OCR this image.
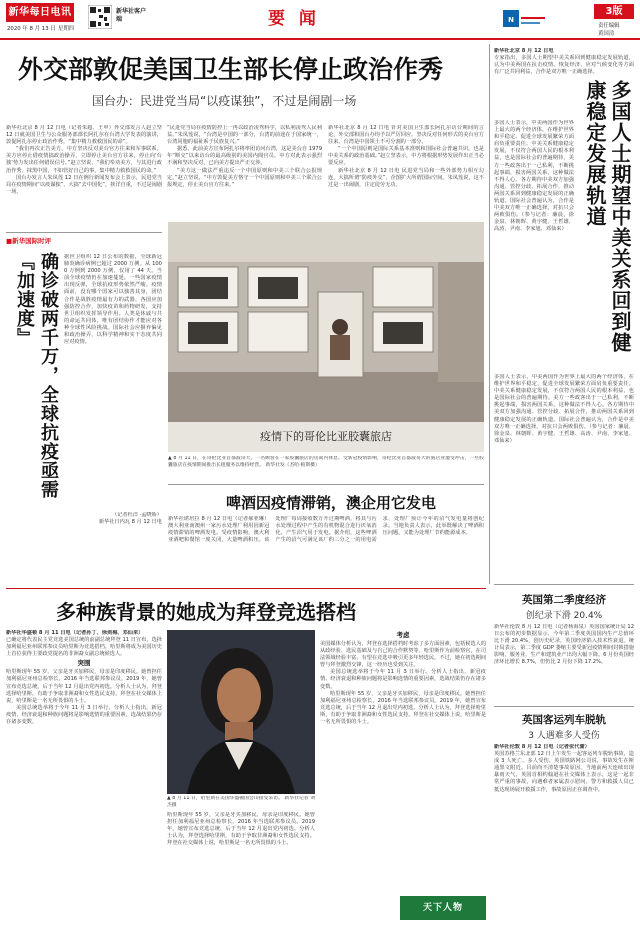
新华每日电讯
2020 年 8 月 13 日 星期四
新华社客户端	要 闻	N
3版
责任编辑
黄国清
外交部敦促美国卫生部长停止政治作秀
国台办：民进党当局“以疫谋独”，不过是闹剧一场

新华社北京 8 月 12 日电（记者朱超、王申）外交部发言人赵立坚 12 日就美国卫生与公众服务部部长阿扎尔在台湾大学发表的演讲，敦促阿扎尔停止政治作秀，“集中精力救救国民的命”。

“我们再次正告美方，中方坚决反对美台官方往来和军事联系。美方应停止借疫情搞政治操弄，立即停止美台官方往来，停止向‘台独’势力发出任何错误信号。”赵立坚说，“我们奉劝美方，与其进行政治作秀、抹黑中国，不如管好自己的事，集中精力救救国民的命。”

国台办发言人朱凤莲 12 日在例行新闻发布会上表示，民进党当局在疫情期间“以疫谋独”，大搞“去中国化”，挟洋自重，不过是闹剧一场。

“民进党当局在疫情防控上一再以政治凌驾科学，以私利凌驾人民利益。”朱凤莲说，“台湾是中国的一部分，台湾的前途在于国家统一，台湾同胞的福祉系于民族复兴。”

据悉，此前美方宣布阿扎尔将率团访问台湾，这是美台自 1979 年“断交”以来访台的最高级别的美国内阁官员。中方对此表示强烈不满和坚决反对，已向美方提出严正交涉。

“美方这一做法严重违反一个中国原则和中美三个联合公报规定。”赵立坚说，“中方敦促美方恪守一个中国原则和中美三个联合公报规定，停止美台官方往来。”

新华社北京 8 月 12 日电 针对美国卫生部长阿扎尔访台期间的言论，外交部和国台办均予以严厉回应。坚决反对任何形式的美台官方往来。台湾是中国领土不可分割的一部分。

“一个中国原则是国际关系基本准则和国际社会普遍共识，也是中美关系的政治基础。”赵立坚表示，中方将根据形势发展作出正当必要反应。

新华社北京 8 月 12 日电 民进党当局和一些外部势力相互勾连，大搞所谓“防疫外交”，企图扩大所谓国际空间。朱凤莲说，这不过是一出闹剧，注定徒劳无功。

■新华国际时评
确诊破两千万，全球抗疫亟需『加速度』	据世卫组织 12 日公布的数据，全球新冠肺炎确诊病例已超过 2000 万例。从 1000 万例到 2000 万例，仅用了 44 天。当前全球疫情仍在加速蔓延，一些国家疫情出现反弹，全球抗疫形势依然严峻。疫情面前，没有哪个国家可以独善其身，团结合作是战胜疫情最有力的武器。各国应加强防控合作，加快疫苗和药物研发，支持世卫组织发挥领导作用。人类是休戚与共的命运共同体，唯有团结协作才能应对各种全球性风险挑战。国际社会应摒弃偏见和政治操弄，以科学精神和实干态度共同应对疫情。

（记者杜洋 ·孟晓娇）

新华社日内瓦 8 月 12 日电

疫情下的哥伦比亚胶囊旅店
▲ 8 月 11 日，在哥伦比亚首都波哥大，一名顾客在一家胶囊旅店的房间内休息。受新冠疫情影响，哥伦比亚首都波哥大的旅店业遭受冲击，一些胶囊旅店在疫情期间推出长租服务以维持经营。 新华社发（杰哈·帕斯摄）
啤酒因疫情滞销，澳企用它发电

新华社堪培拉 8 月 12 日电（记者郝亚琳）澳大利亚南澳州一家污水处理厂利用因新冠疫情滞销的啤酒发电。受疫情影响，澳大利亚酒吧和餐馆一度关闭，大量啤酒积压。该处理厂每周接收数万升过期啤酒，将其与污水处理过程中产生的有机物混合进行厌氧消化，产生沼气用于发电。据介绍，这些啤酒产生的沼气可满足该厂约三分之一的用电需求，处理厂预计今年的沼气发电量将创纪录。当地负责人表示，此举既解决了啤酒积压问题，又能为处理厂节约能源成本。

新华社北京 8 月 12 日电

专家指出，多国人士期望中美关系回到健康稳定发展轨道，认为中美两国在抗击疫情、恢复经济、应对气候变化等方面有广泛共同利益，合作是双方唯一正确选择。

多国人士期望中美关系回到健康稳定发展轨道

多国人士表示，中美两国作为世界上最大的两个经济体，在维护世界和平稳定、促进全球发展繁荣方面肩负重要责任。中美关系健康稳定发展，不仅符合两国人民的根本利益，也是国际社会的普遍期待。美方一些政客出于一己私利，不断挑起事端，损害两国关系，这种做法不得人心。各方期待中美双方加强沟通、管控分歧、拓展合作，推动两国关系回到健康稳定发展的正确轨道。国际社会普遍认为，合作是中美双方唯一正确选择，对抗只会两败俱伤。（参与记者：廉晨、徐金泉、林朝晖、黄宇健、王哲雄、高涛、尹南、李家旭、邓仙来）

多国人士表示，中美两国作为世界上最大的两个经济体，在维护世界和平稳定、促进全球发展繁荣方面肩负重要责任。中美关系健康稳定发展，不仅符合两国人民的根本利益，也是国际社会的普遍期待。美方一些政客出于一己私利，不断挑起事端，损害两国关系，这种做法不得人心。各方期待中美双方加强沟通、管控分歧、拓展合作，推动两国关系回到健康稳定发展的正确轨道。国际社会普遍认为，合作是中美双方唯一正确选择，对抗只会两败俱伤。（参与记者：廉晨、徐金泉、林朝晖、黄宇健、王哲雄、高涛、尹南、李家旭、邓仙来）

英国第二季度经济
创纪录下滑 20.4%

新华社伦敦 8 月 12 日电（记者杨海泉）英国国家统计局 12 日公布的初步数据显示，今年第二季度英国国内生产总值环比下滑 20.4%，创历史纪录，英国经济陷入技术性衰退。统计局表示，第二季度 GDP 萎缩主要受新冠疫情期间封锁措施影响，服务业、生产和建筑业产出均大幅下降。6 月份英国经济环比增长 8.7%，但仍比 2 月份下降 17.2%。

英国客运列车脱轨
3 人遇难多人受伤

新华社伦敦 8 月 12 日电（记者张代蕾）

英国苏格兰东北部 12 日上午发生一起客运列车脱轨事故，造成 3 人死亡、多人受伤。英国铁路网公司说，事故发生在斯通黑文附近。目前尚不清楚事故原因，当地前两天连续出现暴雨天气。英国首相约翰逊在社交媒体上表示，这是一起非常严重的事故，向遇难者家属表示慰问。警方和救援人员已抵达现场展开救援工作，事故原因正在调查中。

多种族背景的她成为拜登竞选搭档

新华社华盛顿 8 月 11 日电（记者孙丁、徐剑梅、邓仙来）

已确定将代表民主党竞选美国总统的前副总统拜登 11 日宣布，选择加利福尼亚州联邦参议员哈里斯为竞选搭档。哈里斯将成为美国历史上首位获得主要政党提名的非洲裔女副总统候选人。

突围

哈里斯现年 55 岁，父亲是牙买加移民，母亲是印度移民。她曾担任加利福尼亚州总检察长，2016 年当选联邦参议员。2019 年，她曾宣布竞选总统，后于当年 12 月退出党内初选。分析人士认为，拜登选择哈里斯，有助于争取非洲裔和女性选民支持。拜登在社交媒体上说，哈里斯是一名无所畏惧的斗士。

美国总统选举将于今年 11 月 3 日举行。分析人士指出，新冠疫情、经济衰退和种族问题将是影响选情的重要因素，选战结果仍存在诸多变数。

▲ 8 月 11 日，哈里斯在美国华盛顿国会山接受采访。 新华社记者 刘杰摄

哈里斯现年 55 岁，父亲是牙买加移民，母亲是印度移民。她曾担任加利福尼亚州总检察长，2016 年当选联邦参议员。2019 年，她曾宣布竞选总统，后于当年 12 月退出党内初选。分析人士认为，拜登选择哈里斯，有助于争取非洲裔和女性选民支持。拜登在社交媒体上说，哈里斯是一名无所畏惧的斗士。

考虑

美国媒体分析认为，拜登在选择搭档时考虑了多方面因素，包括候选人的从政经验、选民基础及与自己的合作默契等。哈里斯作为前检察官，在司法领域经验丰富，有望在竞选中吸引更多年轻选民。不过，她在初选期间曾与拜登激烈交锋，这一经历也受到关注。

美国总统选举将于今年 11 月 3 日举行。分析人士指出，新冠疫情、经济衰退和种族问题将是影响选情的重要因素，选战结果仍存在诸多变数。

哈里斯现年 55 岁，父亲是牙买加移民，母亲是印度移民。她曾担任加利福尼亚州总检察长，2016 年当选联邦参议员。2019 年，她曾宣布竞选总统，后于当年 12 月退出党内初选。分析人士认为，拜登选择哈里斯，有助于争取非洲裔和女性选民支持。拜登在社交媒体上说，哈里斯是一名无所畏惧的斗士。

天下人物
